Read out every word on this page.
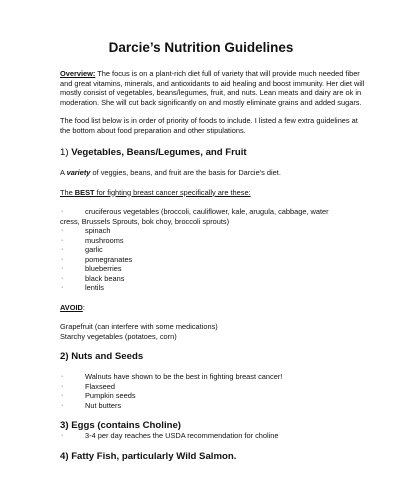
Darcie’s Nutrition Guidelines

Overview: The focus is on a plant-rich diet full of variety that will provide much needed fiber and great vitamins, minerals, and antioxidants to aid healing and boost immunity. Her diet will mostly consist of vegetables, beans/legumes, fruit, and nuts. Lean meats and dairy are ok in moderation. She will cut back significantly on and mostly eliminate grains and added sugars.

The food list below is in order of priority of foods to include. I listed a few extra guidelines at the bottom about food preparation and other stipulations.

1) Vegetables, Beans/Legumes, and Fruit

A variety of veggies, beans, and fruit are the basis for Darcie’s diet.

The BEST for fighting breast cancer specifically are these:

·	cruciferous vegetables (broccoli, cauliflower, kale, arugula, cabbage, water
cress, Brussels Sprouts, bok choy, broccoli sprouts)
·	spinach
·	mushrooms
·	garlic
·	pomegranates
·	blueberries
·	black beans
·	lentils

AVOID:

Grapefruit (can interfere with some medications)

Starchy vegetables (potatoes, corn)

2) Nuts and Seeds

·	Walnuts have shown to be the best in fighting breast cancer!
·	Flaxseed
·	Pumpkin seeds
·	Nut butters

3) Eggs (contains Choline)

·	3-4 per day reaches the USDA recommendation for choline

4) Fatty Fish, particularly Wild Salmon.
